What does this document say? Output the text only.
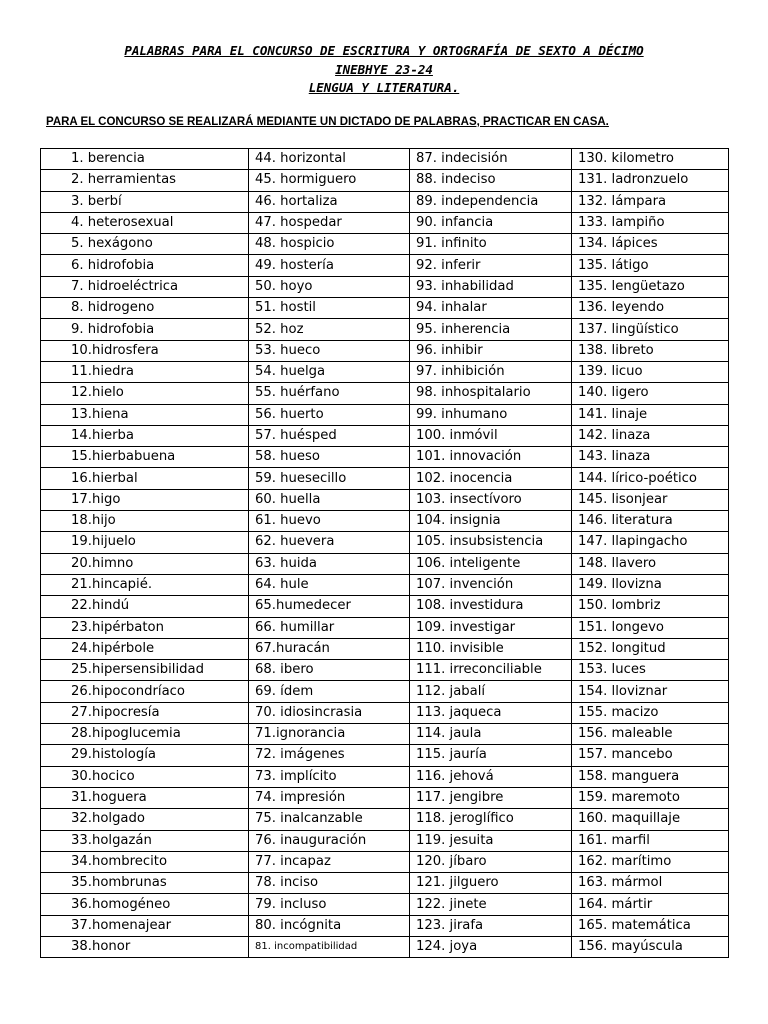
PALABRAS PARA EL CONCURSO DE ESCRITURA Y ORTOGRAFÍA DE SEXTO A DÉCIMO
INEBHYE 23-24
LENGUA Y LITERATURA.
PARA EL CONCURSO SE REALIZARÁ MEDIANTE UN DICTADO DE PALABRAS, PRACTICAR EN CASA.
1. berencia	44. horizontal	87. indecisión	130. kilometro
2. herramientas	45. hormiguero	88. indeciso	131. ladronzuelo
3. berbí	46. hortaliza	89. independencia	132. lámpara
4. heterosexual	47. hospedar	90. infancia	133. lampiño
5. hexágono	48. hospicio	91. infinito	134. lápices
6. hidrofobia	49. hostería	92. inferir	135. látigo
7. hidroeléctrica	50. hoyo	93. inhabilidad	135. lengüetazo
8. hidrogeno	51. hostil	94. inhalar	136. leyendo
9. hidrofobia	52. hoz	95. inherencia	137. lingüístico
10.hidrosfera	53. hueco	96. inhibir	138. libreto
11.hiedra	54. huelga	97. inhibición	139. licuo
12.hielo	55. huérfano	98. inhospitalario	140. ligero
13.hiena	56. huerto	99. inhumano	141. linaje
14.hierba	57. huésped	100. inmóvil	142. linaza
15.hierbabuena	58. hueso	101. innovación	143. linaza
16.hierbal	59. huesecillo	102. inocencia	144. lírico-poético
17.higo	60. huella	103. insectívoro	145. lisonjear
18.hijo	61. huevo	104. insignia	146. literatura
19.hijuelo	62. huevera	105. insubsistencia	147. llapingacho
20.himno	63. huida	106. inteligente	148. llavero
21.hincapié.	64. hule	107. invención	149. llovizna
22.hindú	65.humedecer	108. investidura	150. lombriz
23.hipérbaton	66. humillar	109. investigar	151. longevo
24.hipérbole	67.huracán	110. invisible	152. longitud
25.hipersensibilidad	68. ibero	111. irreconciliable	153. luces
26.hipocondríaco	69. ídem	112. jabalí	154. lloviznar
27.hipocresía	70. idiosincrasia	113. jaqueca	155. macizo
28.hipoglucemia	71.ignorancia	114. jaula	156. maleable
29.histología	72. imágenes	115. jauría	157. mancebo
30.hocico	73. implícito	116. jehová	158. manguera
31.hoguera	74. impresión	117. jengibre	159. maremoto
32.holgado	75. inalcanzable	118. jeroglífico	160. maquillaje
33.holgazán	76. inauguración	119. jesuita	161. marfil
34.hombrecito	77. incapaz	120. jíbaro	162. marítimo
35.hombrunas	78. inciso	121. jilguero	163. mármol
36.homogéneo	79. incluso	122. jinete	164. mártir
37.homenajear	80. incógnita	123. jirafa	165. matemática
38.honor	81. incompatibilidad	124. joya	156. mayúscula
